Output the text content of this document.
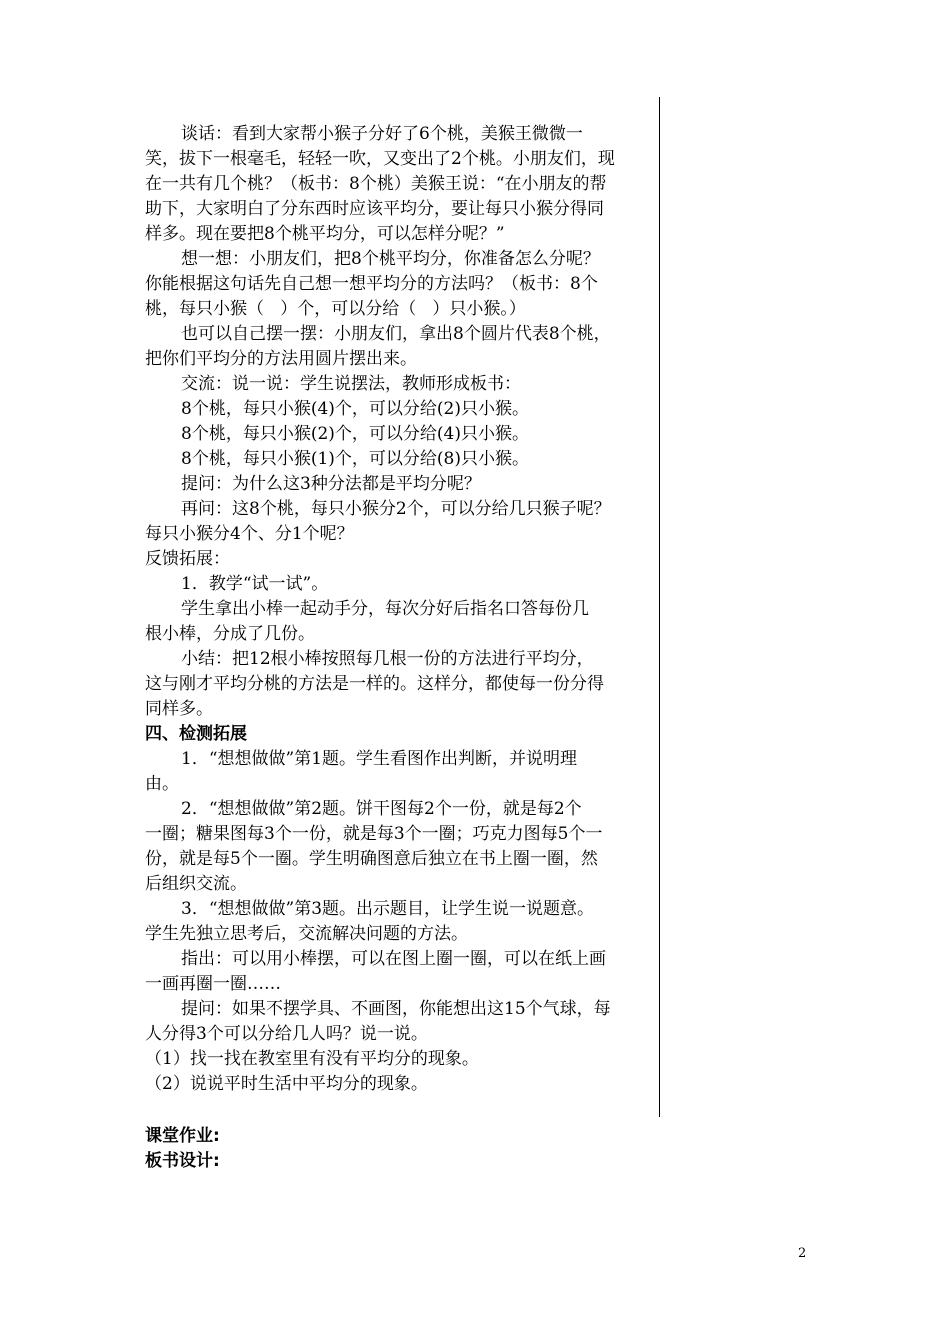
谈话：看到大家帮小猴子分好了6个桃，美猴王微微一
笑，拔下一根毫毛，轻轻一吹，又变出了2个桃。小朋友们，现
在一共有几个桃？（板书：8个桃）美猴王说：“在小朋友的帮
助下，大家明白了分东西时应该平均分，要让每只小猴分得同
样多。现在要把8个桃平均分，可以怎样分呢？”
想一想：小朋友们，把8个桃平均分，你准备怎么分呢？
你能根据这句话先自己想一想平均分的方法吗？（板书：8个
桃，每只小猴（   ）个，可以分给（   ）只小猴。）
也可以自己摆一摆：小朋友们，拿出8个圆片代表8个桃，
把你们平均分的方法用圆片摆出来。
交流：说一说：学生说摆法，教师形成板书：
8个桃，每只小猴(4)个，可以分给(2)只小猴。
8个桃，每只小猴(2)个，可以分给(4)只小猴。
8个桃，每只小猴(1)个，可以分给(8)只小猴。
提问：为什么这3种分法都是平均分呢？
再问：这8个桃，每只小猴分2个，可以分给几只猴子呢？
每只小猴分4个、分1个呢？
反馈拓展：
1．教学“试一试”。
学生拿出小棒一起动手分，每次分好后指名口答每份几
根小棒，分成了几份。
小结：把12根小棒按照每几根一份的方法进行平均分，
这与刚才平均分桃的方法是一样的。这样分，都使每一份分得
同样多。
四、检测拓展
1．“想想做做”第1题。学生看图作出判断，并说明理
由。
2．“想想做做”第2题。饼干图每2个一份，就是每2个
一圈；糖果图每3个一份，就是每3个一圈；巧克力图每5个一
份，就是每5个一圈。学生明确图意后独立在书上圈一圈，然
后组织交流。
3．“想想做做”第3题。出示题目，让学生说一说题意。
学生先独立思考后，交流解决问题的方法。
指出：可以用小棒摆，可以在图上圈一圈，可以在纸上画
一画再圈一圈……
提问：如果不摆学具、不画图，你能想出这15个气球，每
人分得3个可以分给几人吗？说一说。
（1）找一找在教室里有没有平均分的现象。
（2）说说平时生活中平均分的现象。
课堂作业:
板书设计:
2
